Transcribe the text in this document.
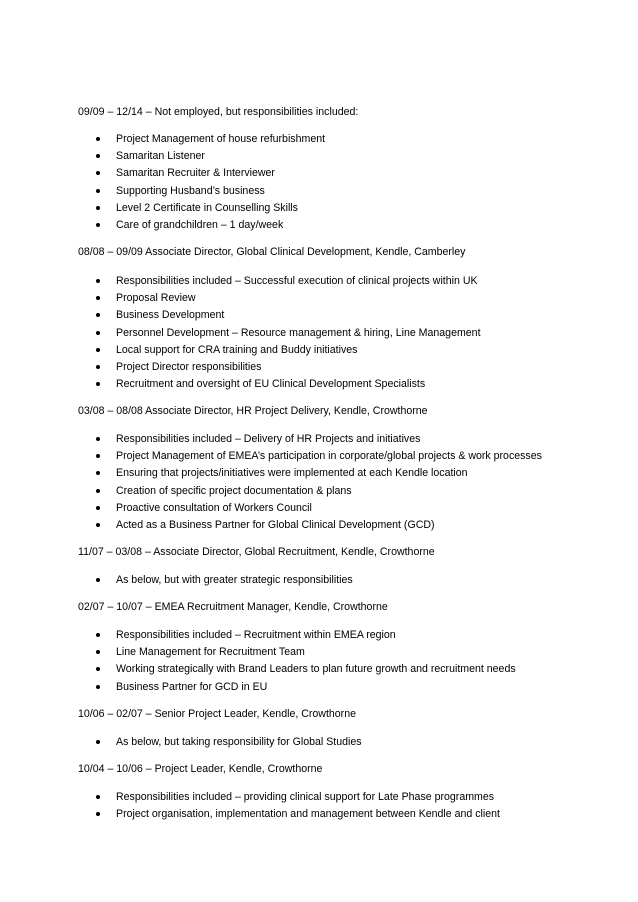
09/09 – 12/14 – Not employed, but responsibilities included:
Project Management of house refurbishment
Samaritan Listener
Samaritan Recruiter & Interviewer
Supporting Husband’s business
Level 2 Certificate in Counselling Skills
Care of grandchildren – 1 day/week
08/08 – 09/09 Associate Director, Global Clinical Development, Kendle, Camberley
Responsibilities included – Successful execution of clinical projects within UK
Proposal Review
Business Development
Personnel Development – Resource management & hiring, Line Management
Local support for CRA training and Buddy initiatives
Project Director responsibilities
Recruitment and oversight of EU Clinical Development Specialists
03/08 – 08/08 Associate Director, HR Project Delivery, Kendle, Crowthorne
Responsibilities included – Delivery of HR Projects and initiatives
Project Management of EMEA’s participation in corporate/global projects & work processes
Ensuring that projects/initiatives were implemented at each Kendle location
Creation of specific project documentation & plans
Proactive consultation of Workers Council
Acted as a Business Partner for Global Clinical Development (GCD)
11/07 – 03/08 – Associate Director, Global Recruitment, Kendle, Crowthorne
As below, but with greater strategic responsibilities
02/07 – 10/07 – EMEA Recruitment Manager, Kendle, Crowthorne
Responsibilities included – Recruitment within EMEA region
Line Management for Recruitment Team
Working strategically with Brand Leaders to plan future growth and recruitment needs
Business Partner for GCD in EU
10/06 – 02/07 – Senior Project Leader, Kendle, Crowthorne
As below, but taking responsibility for Global Studies
10/04 – 10/06 – Project Leader, Kendle, Crowthorne
Responsibilities included – providing clinical support for Late Phase programmes
Project organisation, implementation and management between Kendle and client
